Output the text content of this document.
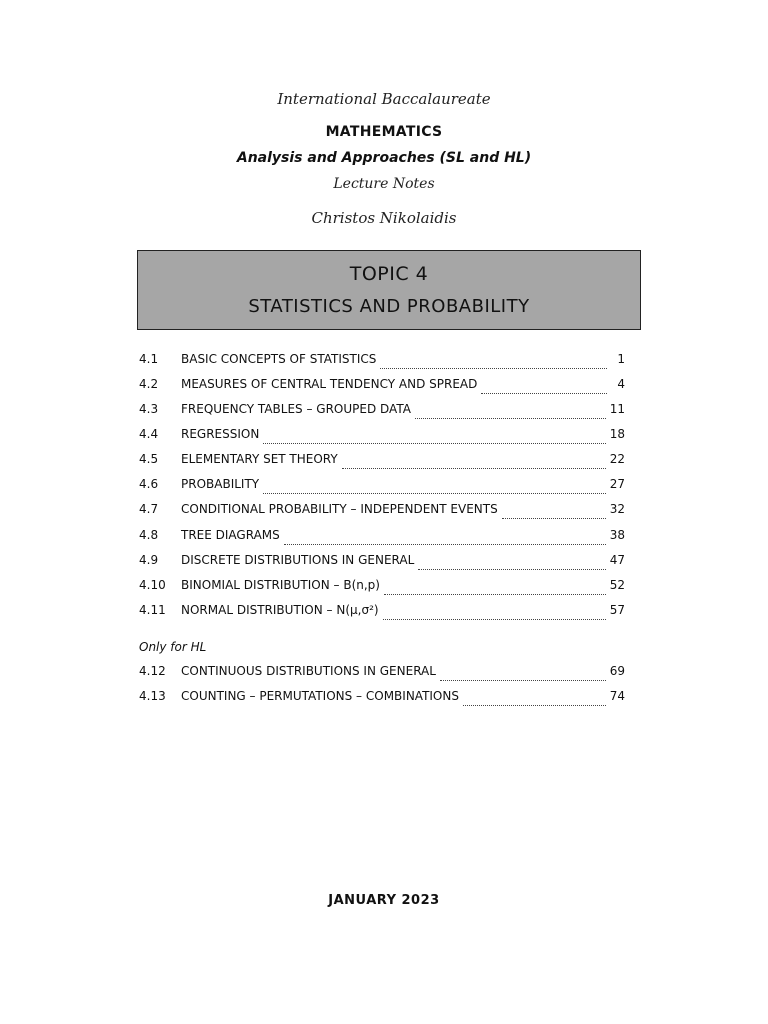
International Baccalaureate
MATHEMATICS
Analysis and Approaches (SL and HL)
Lecture Notes
Christos Nikolaidis
TOPIC 4
STATISTICS AND PROBABILITY
4.1	BASIC CONCEPTS OF STATISTICS	1
4.2	MEASURES OF CENTRAL TENDENCY AND SPREAD	4
4.3	FREQUENCY TABLES – GROUPED DATA	11
4.4	REGRESSION	18
4.5	ELEMENTARY SET THEORY	22
4.6	PROBABILITY	27
4.7	CONDITIONAL PROBABILITY – INDEPENDENT EVENTS	32
4.8	TREE DIAGRAMS	38
4.9	DISCRETE DISTRIBUTIONS IN GENERAL	47
4.10	BINOMIAL DISTRIBUTION – B(n,p)	52
4.11	NORMAL DISTRIBUTION – N(μ,σ²)	57
Only for HL
4.12	CONTINUOUS DISTRIBUTIONS IN GENERAL	69
4.13	COUNTING – PERMUTATIONS – COMBINATIONS	74
JANUARY 2023
